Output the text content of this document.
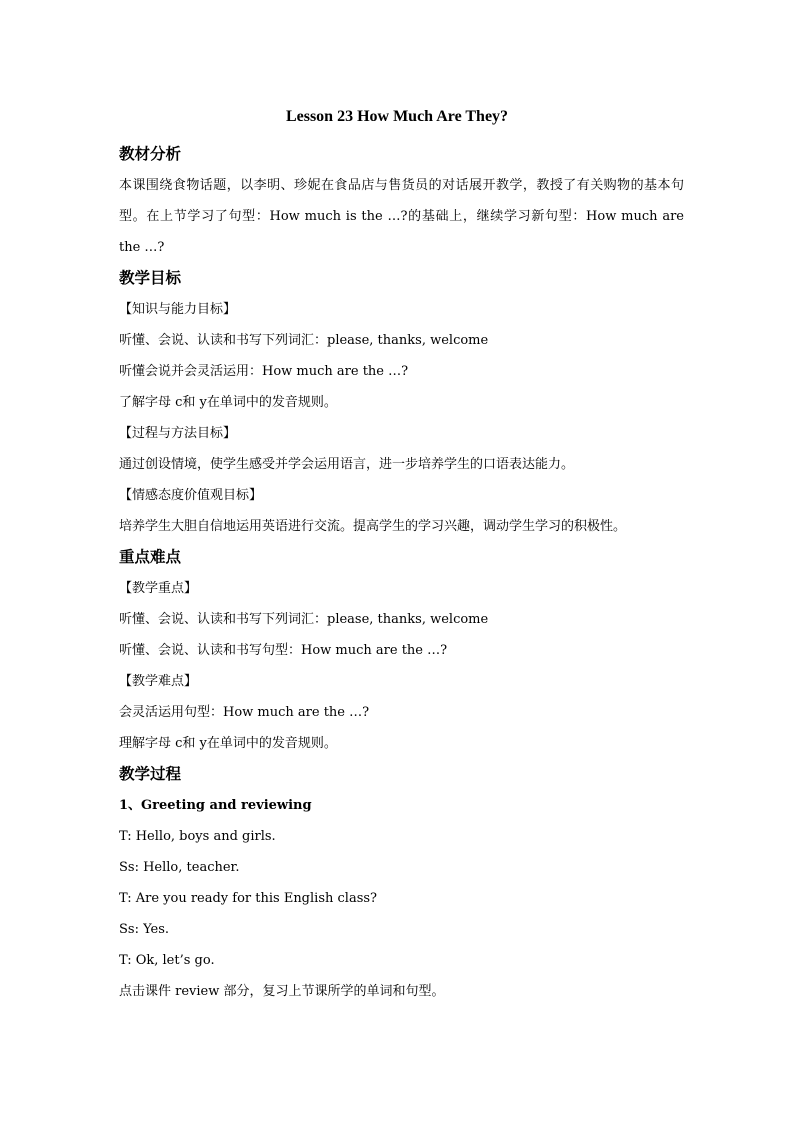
Lesson 23 How Much Are They?
教材分析
本课围绕食物话题，以李明、珍妮在食品店与售货员的对话展开教学，教授了有关购物的基本句型。在上节学习了句型：How much is the …?的基础上，继续学习新句型：How much are the …?
教学目标
【知识与能力目标】
听懂、会说、认读和书写下列词汇：please, thanks, welcome
听懂会说并会灵活运用：How much are the …?
了解字母 c和 y在单词中的发音规则。
【过程与方法目标】
通过创设情境，使学生感受并学会运用语言，进一步培养学生的口语表达能力。
【情感态度价值观目标】
培养学生大胆自信地运用英语进行交流。提高学生的学习兴趣，调动学生学习的积极性。
重点难点
【教学重点】
听懂、会说、认读和书写下列词汇：please, thanks, welcome
听懂、会说、认读和书写句型：How much are the …?
【教学难点】
会灵活运用句型：How much are the …?
理解字母 c和 y在单词中的发音规则。
教学过程
1、Greeting and reviewing
T: Hello, boys and girls.
Ss: Hello, teacher.
T: Are you ready for this English class?
Ss: Yes.
T: Ok, let’s go.
点击课件 review 部分，复习上节课所学的单词和句型。
